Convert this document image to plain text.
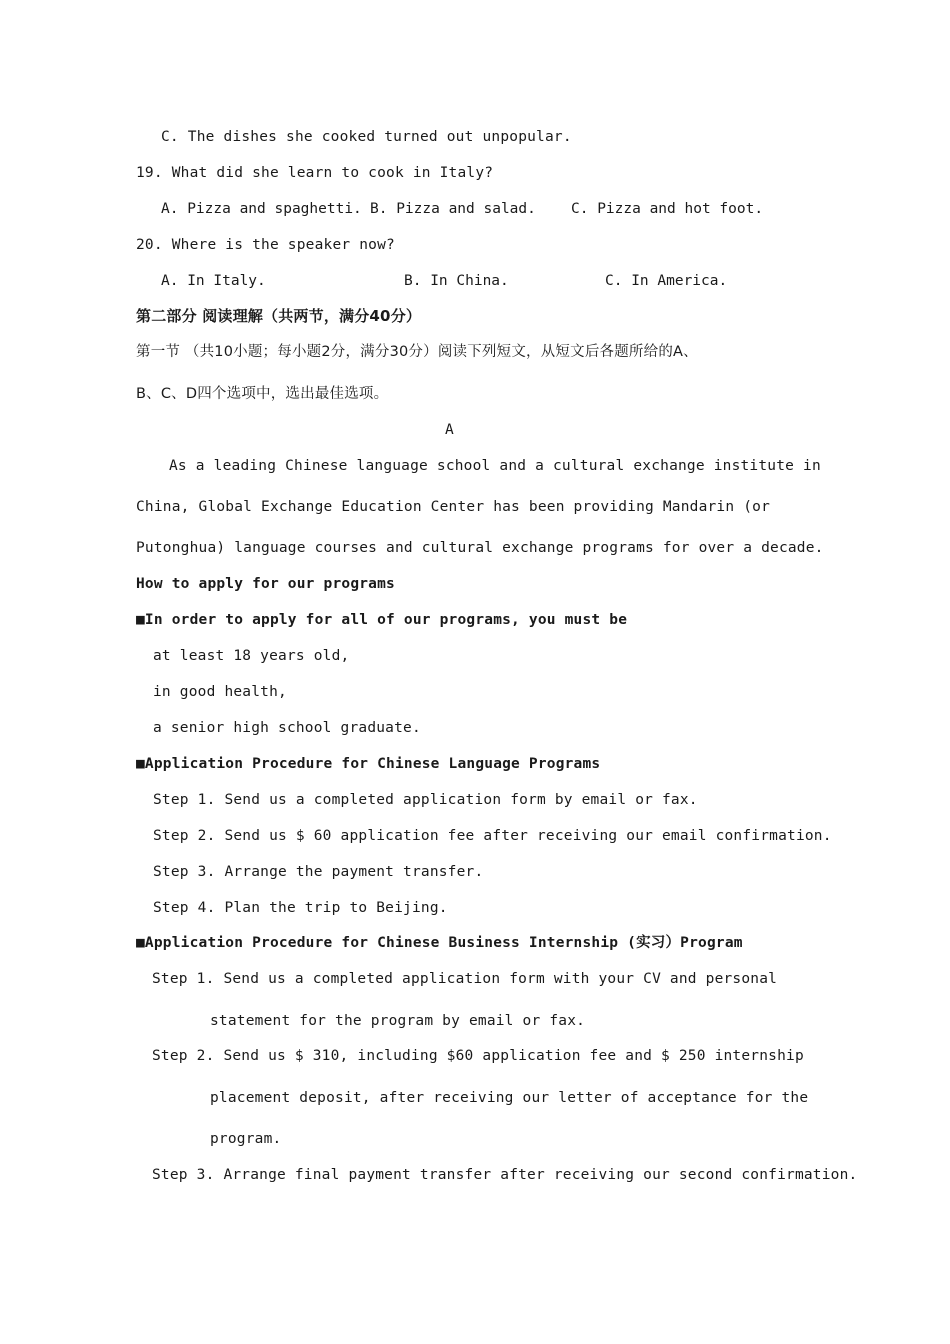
C. The dishes she cooked turned out unpopular.
19. What did she learn to cook in Italy?
A. Pizza and spaghetti. B. Pizza and salad. C. Pizza and hot foot.
20. Where is the speaker now?
A. In Italy.	B. In China.	C. In America.
第二部分 阅读理解（共两节，满分40分）
第一节 （共10小题；每小题2分，满分30分）阅读下列短文，从短文后各题所给的A、
B、C、D四个选项中，选出最佳选项。
A
As a leading Chinese language school and a cultural exchange institute in
China, Global Exchange Education Center has been providing Mandarin (or
Putonghua) language courses and cultural exchange programs for over a decade.
How to apply for our programs
■In order to apply for all of our programs, you must be
at least 18 years old,
in good health,
a senior high school graduate.
■Application Procedure for Chinese Language Programs
Step 1. Send us a completed application form by email or fax.
Step 2. Send us $ 60 application fee after receiving our email confirmation.
Step 3. Arrange the payment transfer.
Step 4. Plan the trip to Beijing.
■Application Procedure for Chinese Business Internship (实习）Program
Step 1. Send us a completed application form with your CV and personal
statement for the program by email or fax.
Step 2. Send us $ 310, including $60 application fee and $ 250 internship
placement deposit, after receiving our letter of acceptance for the
program.
Step 3. Arrange final payment transfer after receiving our second confirmation.
